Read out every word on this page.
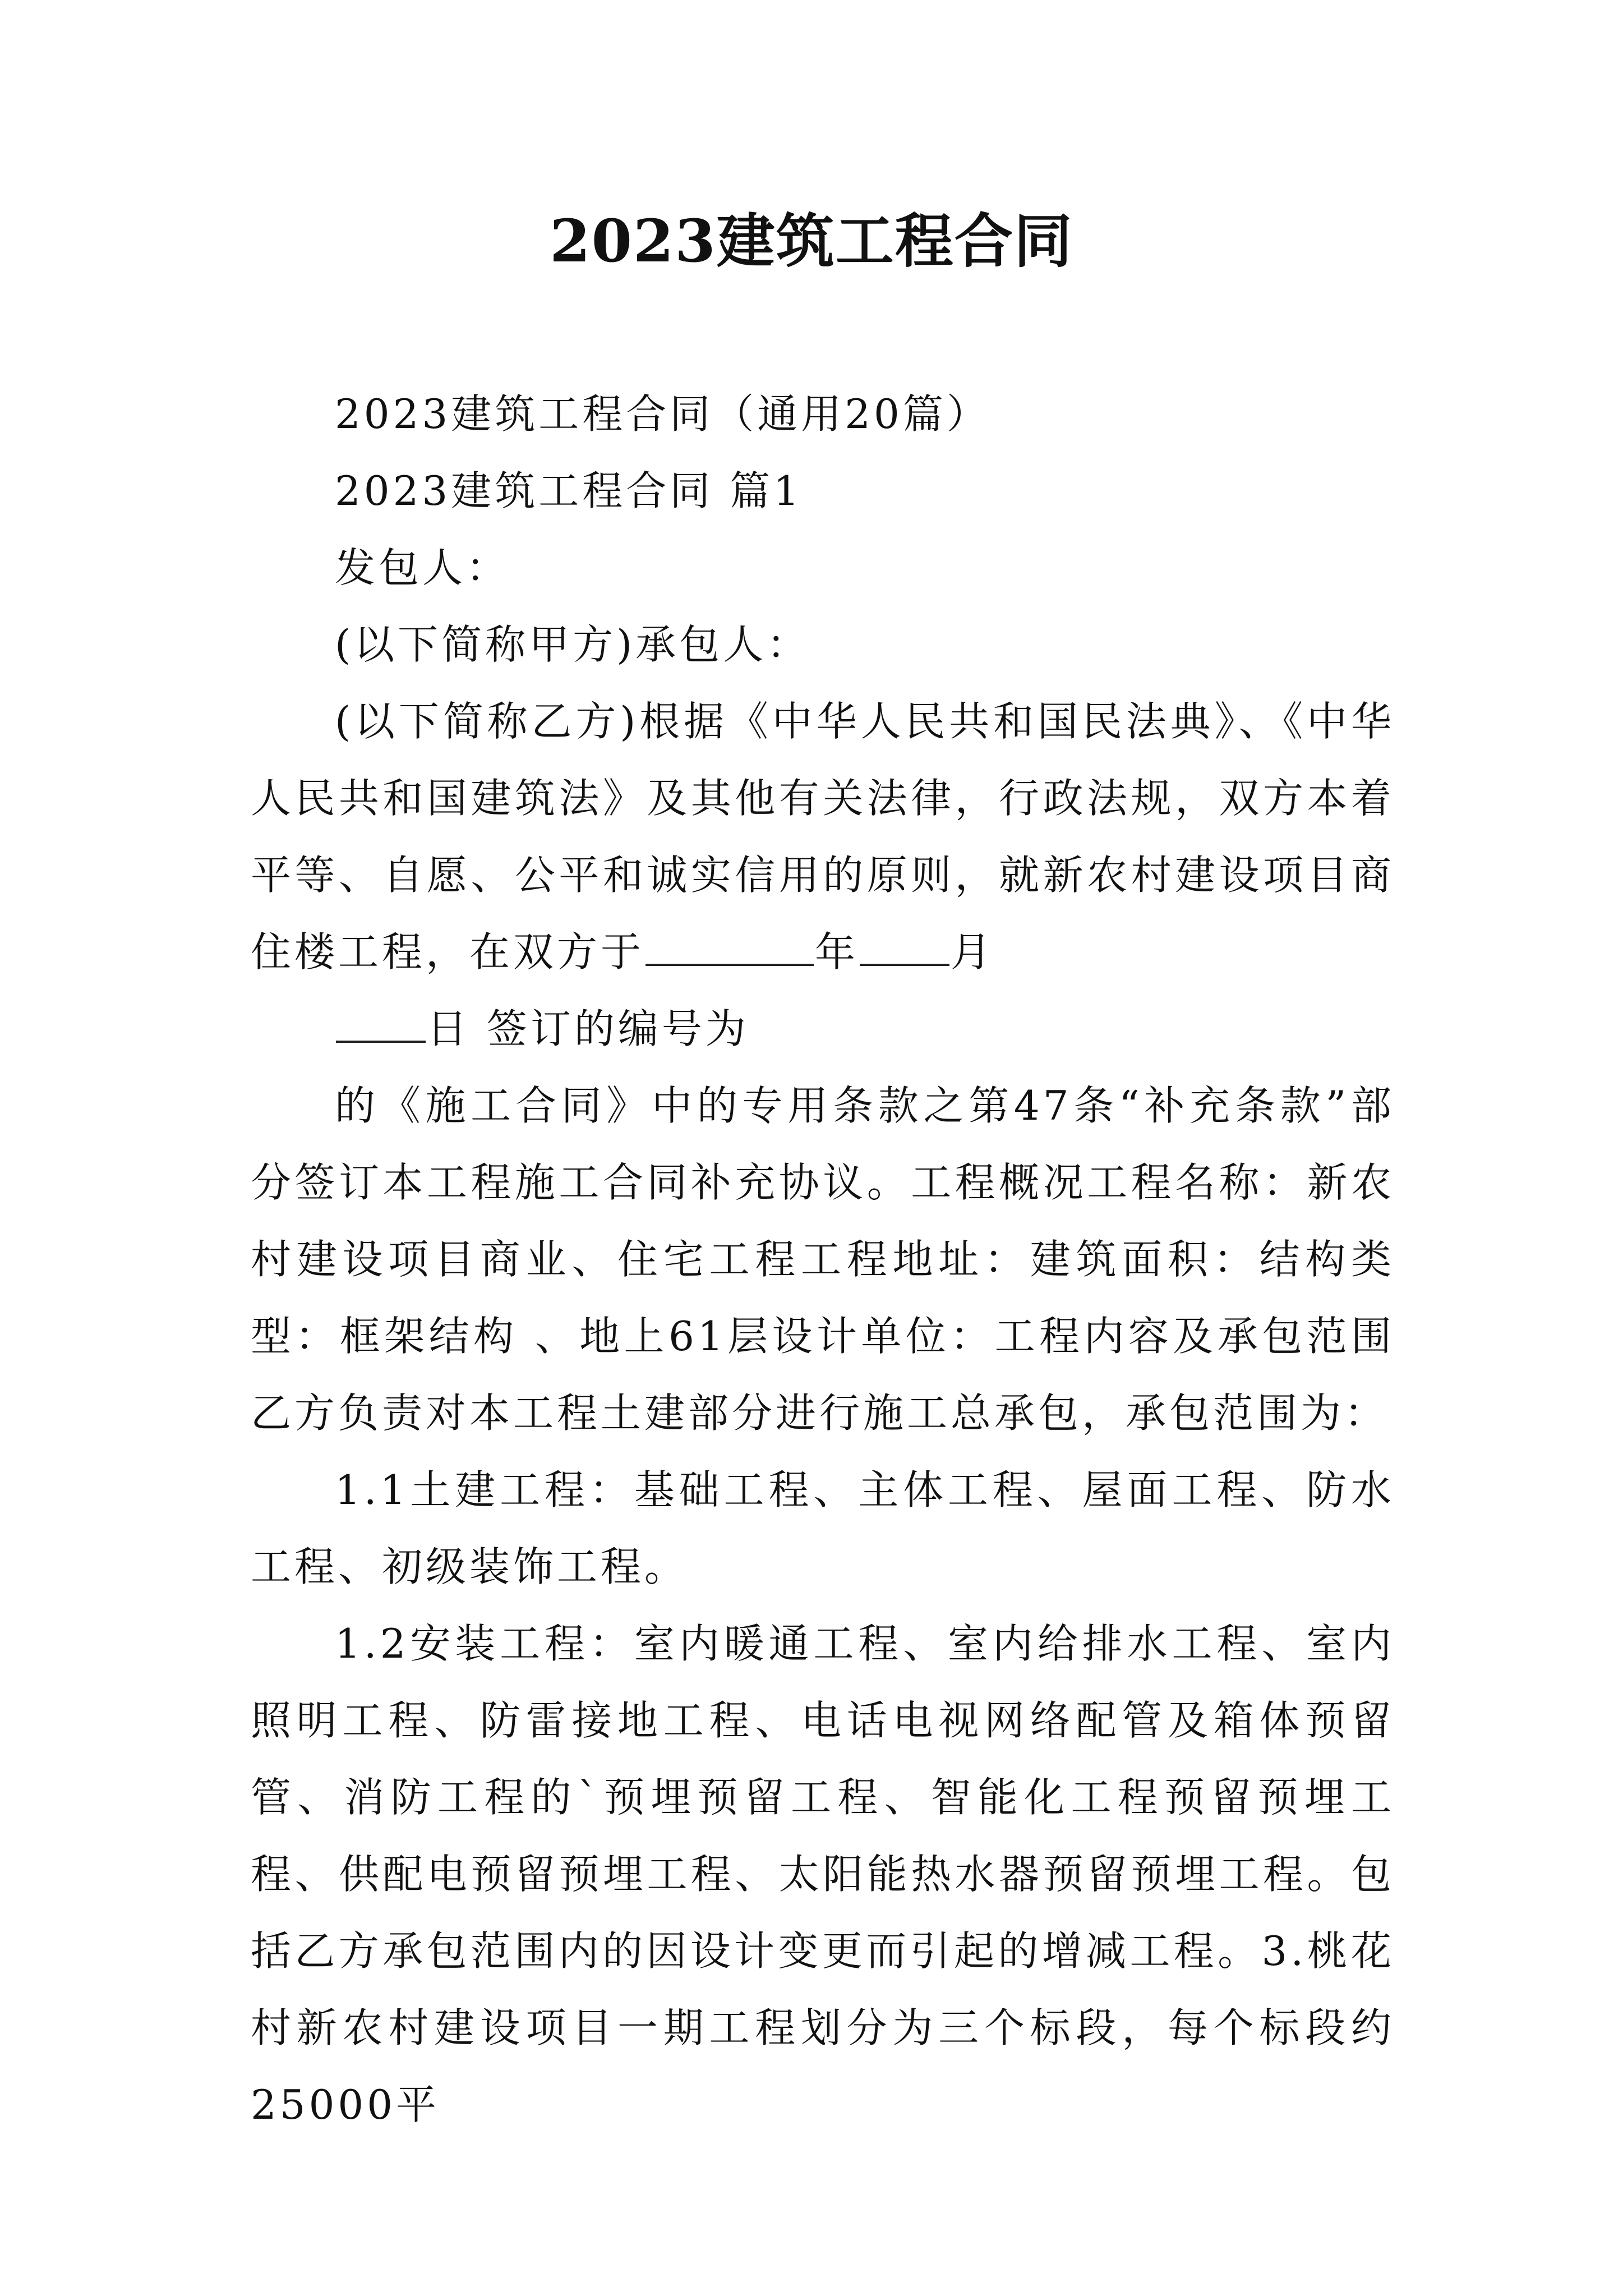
2023建筑工程合同

2023建筑工程合同（通用20篇）

2023建筑工程合同 篇1

发包人：

(以下简称甲方)承包人：

(以下简称乙方)根据《中华人民共和国民法典》、《中华人民共和国建筑法》及其他有关法律，行政法规，双方本着平等、自愿、公平和诚实信用的原则，就新农村建设项目商住楼工程，在双方于	年 月

日 签订的编号为

的《施工合同》中的专用条款之第47条“补充条款”部分签订本工程施工合同补充协议。工程概况工程名称：新农村建设项目商业、住宅工程工程地址：建筑面积：结构类型：框架结构 、地上61层设计单位：工程内容及承包范围乙方负责对本工程土建部分进行施工总承包，承包范围为：

1.1土建工程：基础工程、主体工程、屋面工程、防水工程、初级装饰工程。

1.2安装工程：室内暖通工程、室内给排水工程、室内照明工程、防雷接地工程、电话电视网络配管及箱体预留管、消防工程的`预埋预留工程、智能化工程预留预埋工程、供配电预留预埋工程、太阳能热水器预留预埋工程。包括乙方承包范围内的因设计变更而引起的增减工程。3.桃花村新农村建设项目一期工程划分为三个标段，每个标段约25000平
